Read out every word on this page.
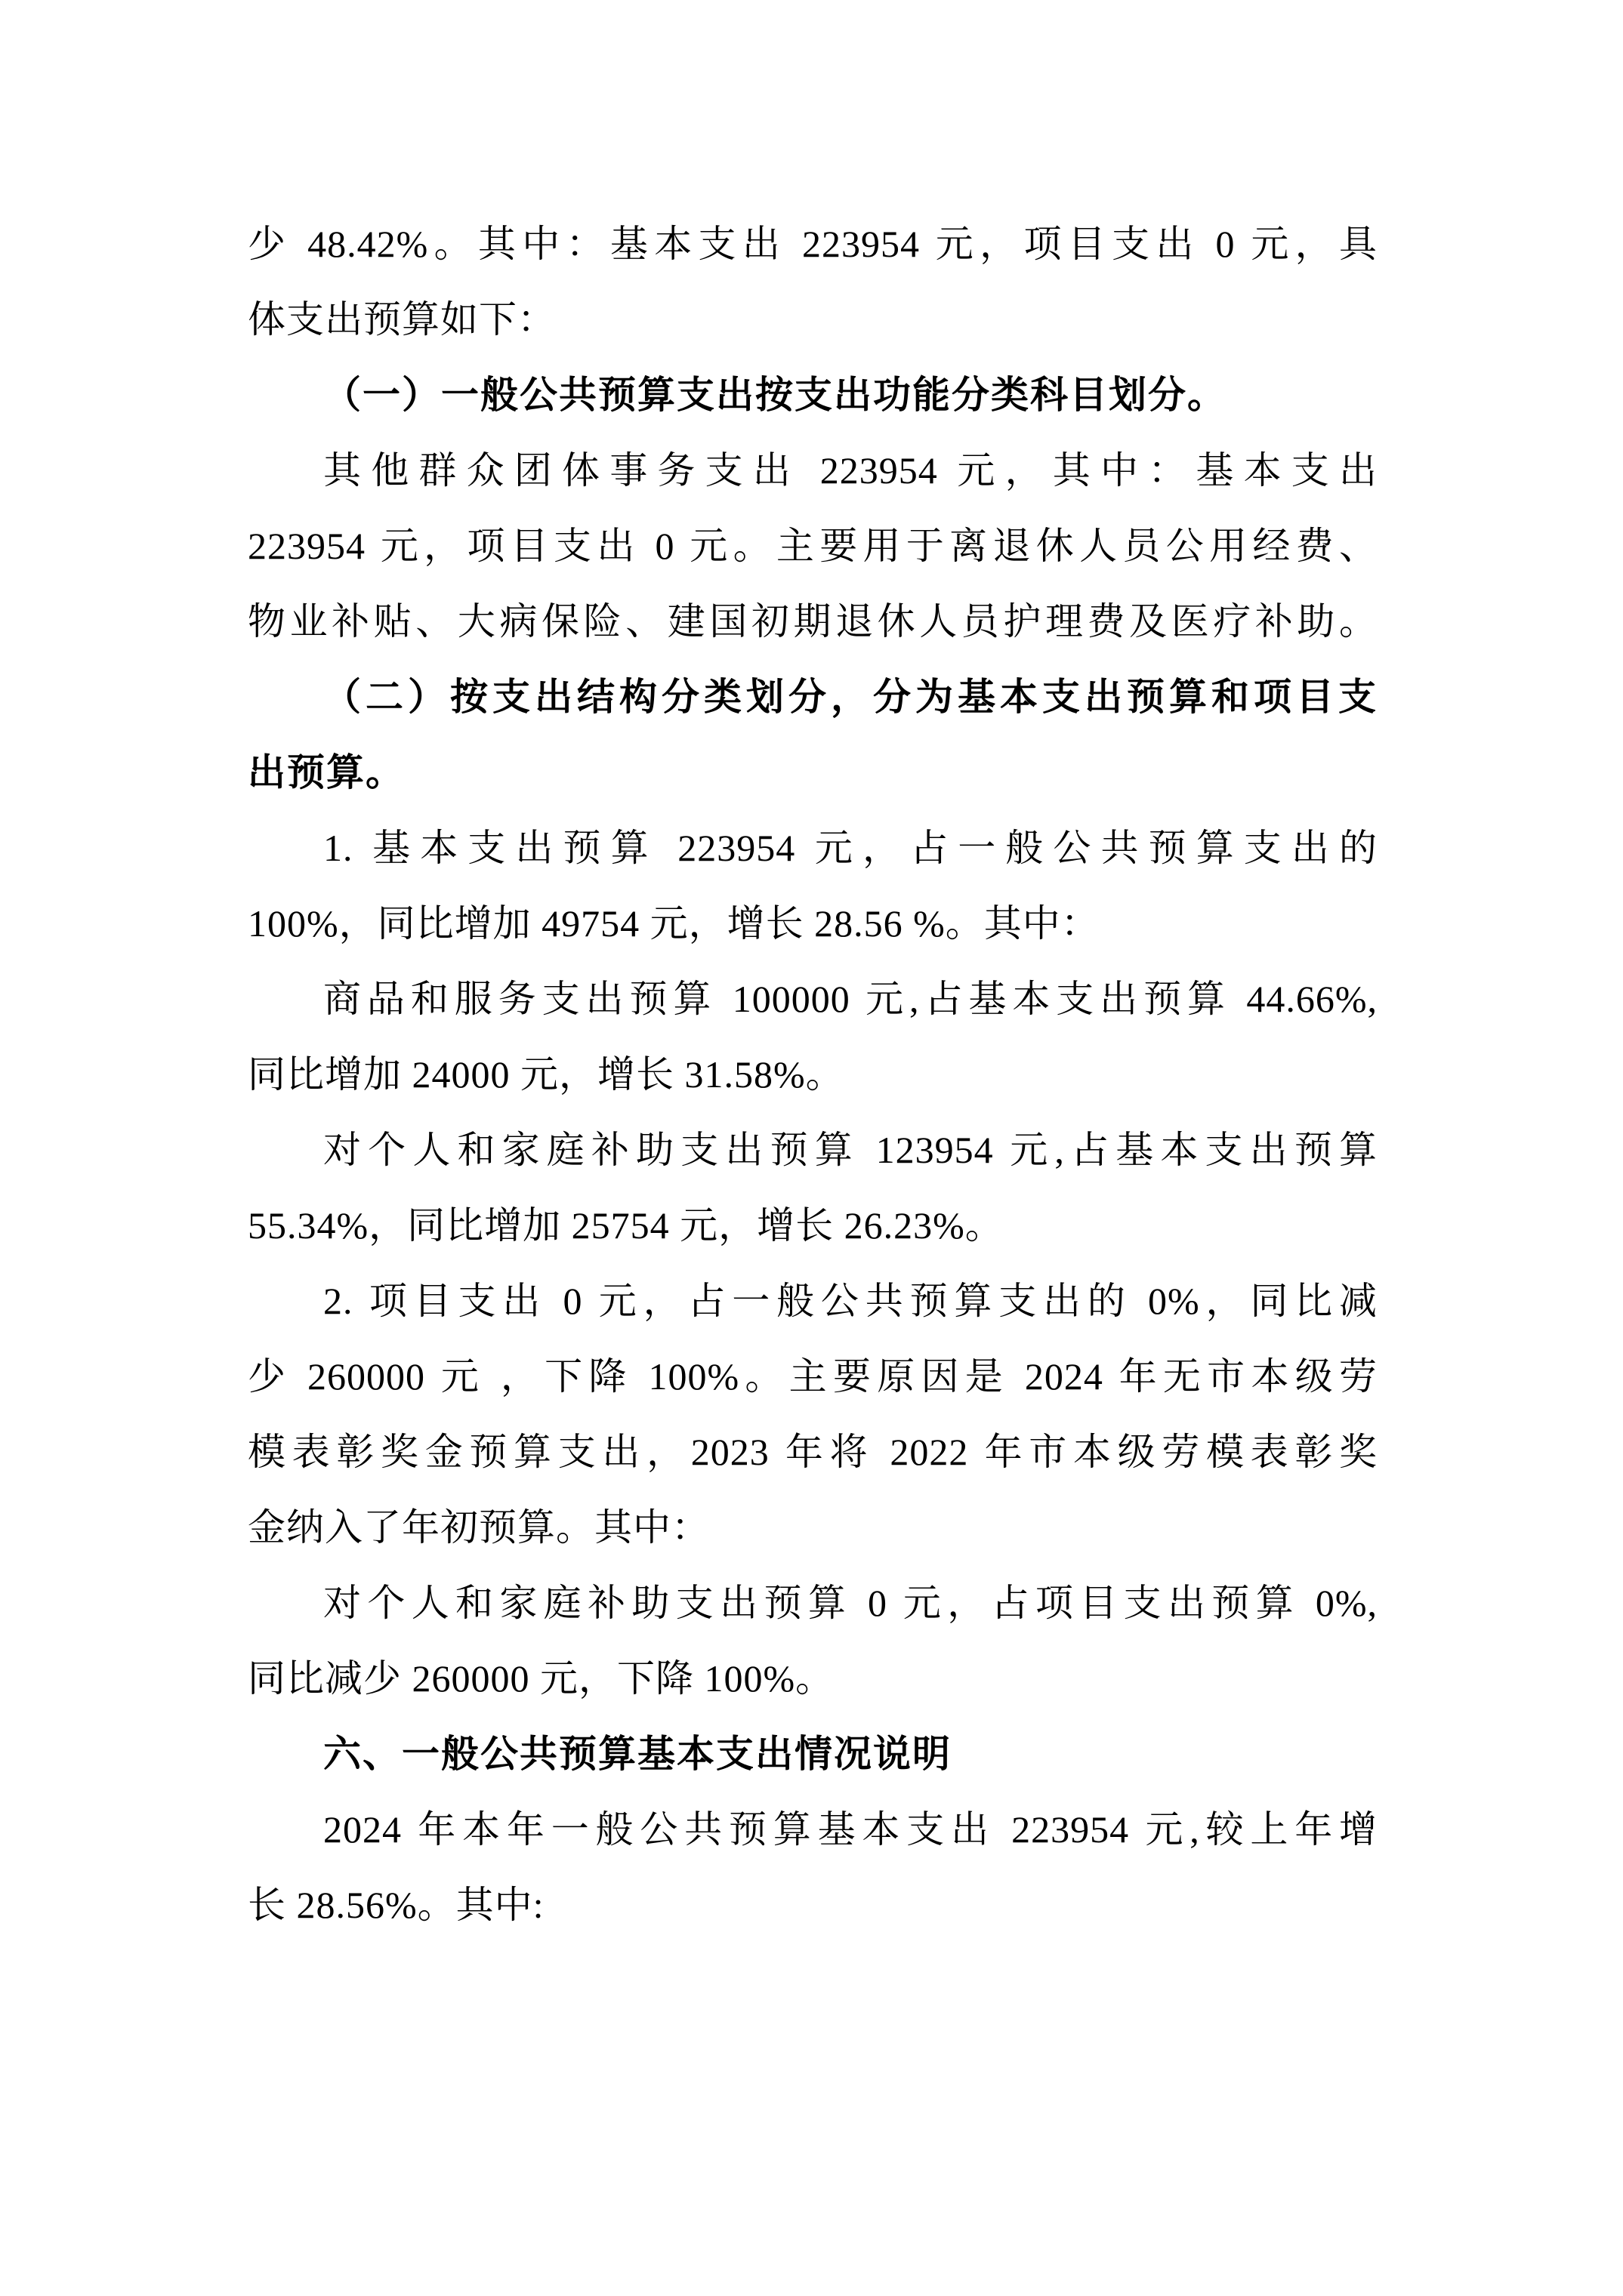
少 48.42%。其中：基本支出 223954 元，项目支出 0 元，具
体支出预算如下：
（一）一般公共预算支出按支出功能分类科目划分。
其他群众团体事务支出 223954 元，其中：基本支出
223954 元，项目支出 0 元。主要用于离退休人员公用经费、
物业补贴、大病保险、建国初期退休人员护理费及医疗补助。
（二）按支出结构分类划分，分为基本支出预算和项目支
出预算。
1. 基本支出预算 223954 元，占一般公共预算支出的
100%，同比增加 49754 元，增长 28.56 %。其中：
商品和服务支出预算 100000 元,占基本支出预算 44.66%,
同比增加 24000 元，增长 31.58%。
对个人和家庭补助支出预算 123954 元,占基本支出预算
55.34%，同比增加 25754 元，增长 26.23%。
2. 项目支出 0 元，占一般公共预算支出的 0%，同比减
少 260000 元 ，下降 100%。主要原因是 2024 年无市本级劳
模表彰奖金预算支出，2023 年将 2022 年市本级劳模表彰奖
金纳入了年初预算。其中：
对个人和家庭补助支出预算 0 元，占项目支出预算 0%,
同比减少 260000 元，下降 100%。
六、一般公共预算基本支出情况说明
2024 年本年一般公共预算基本支出 223954 元,较上年增
长 28.56%。其中:
